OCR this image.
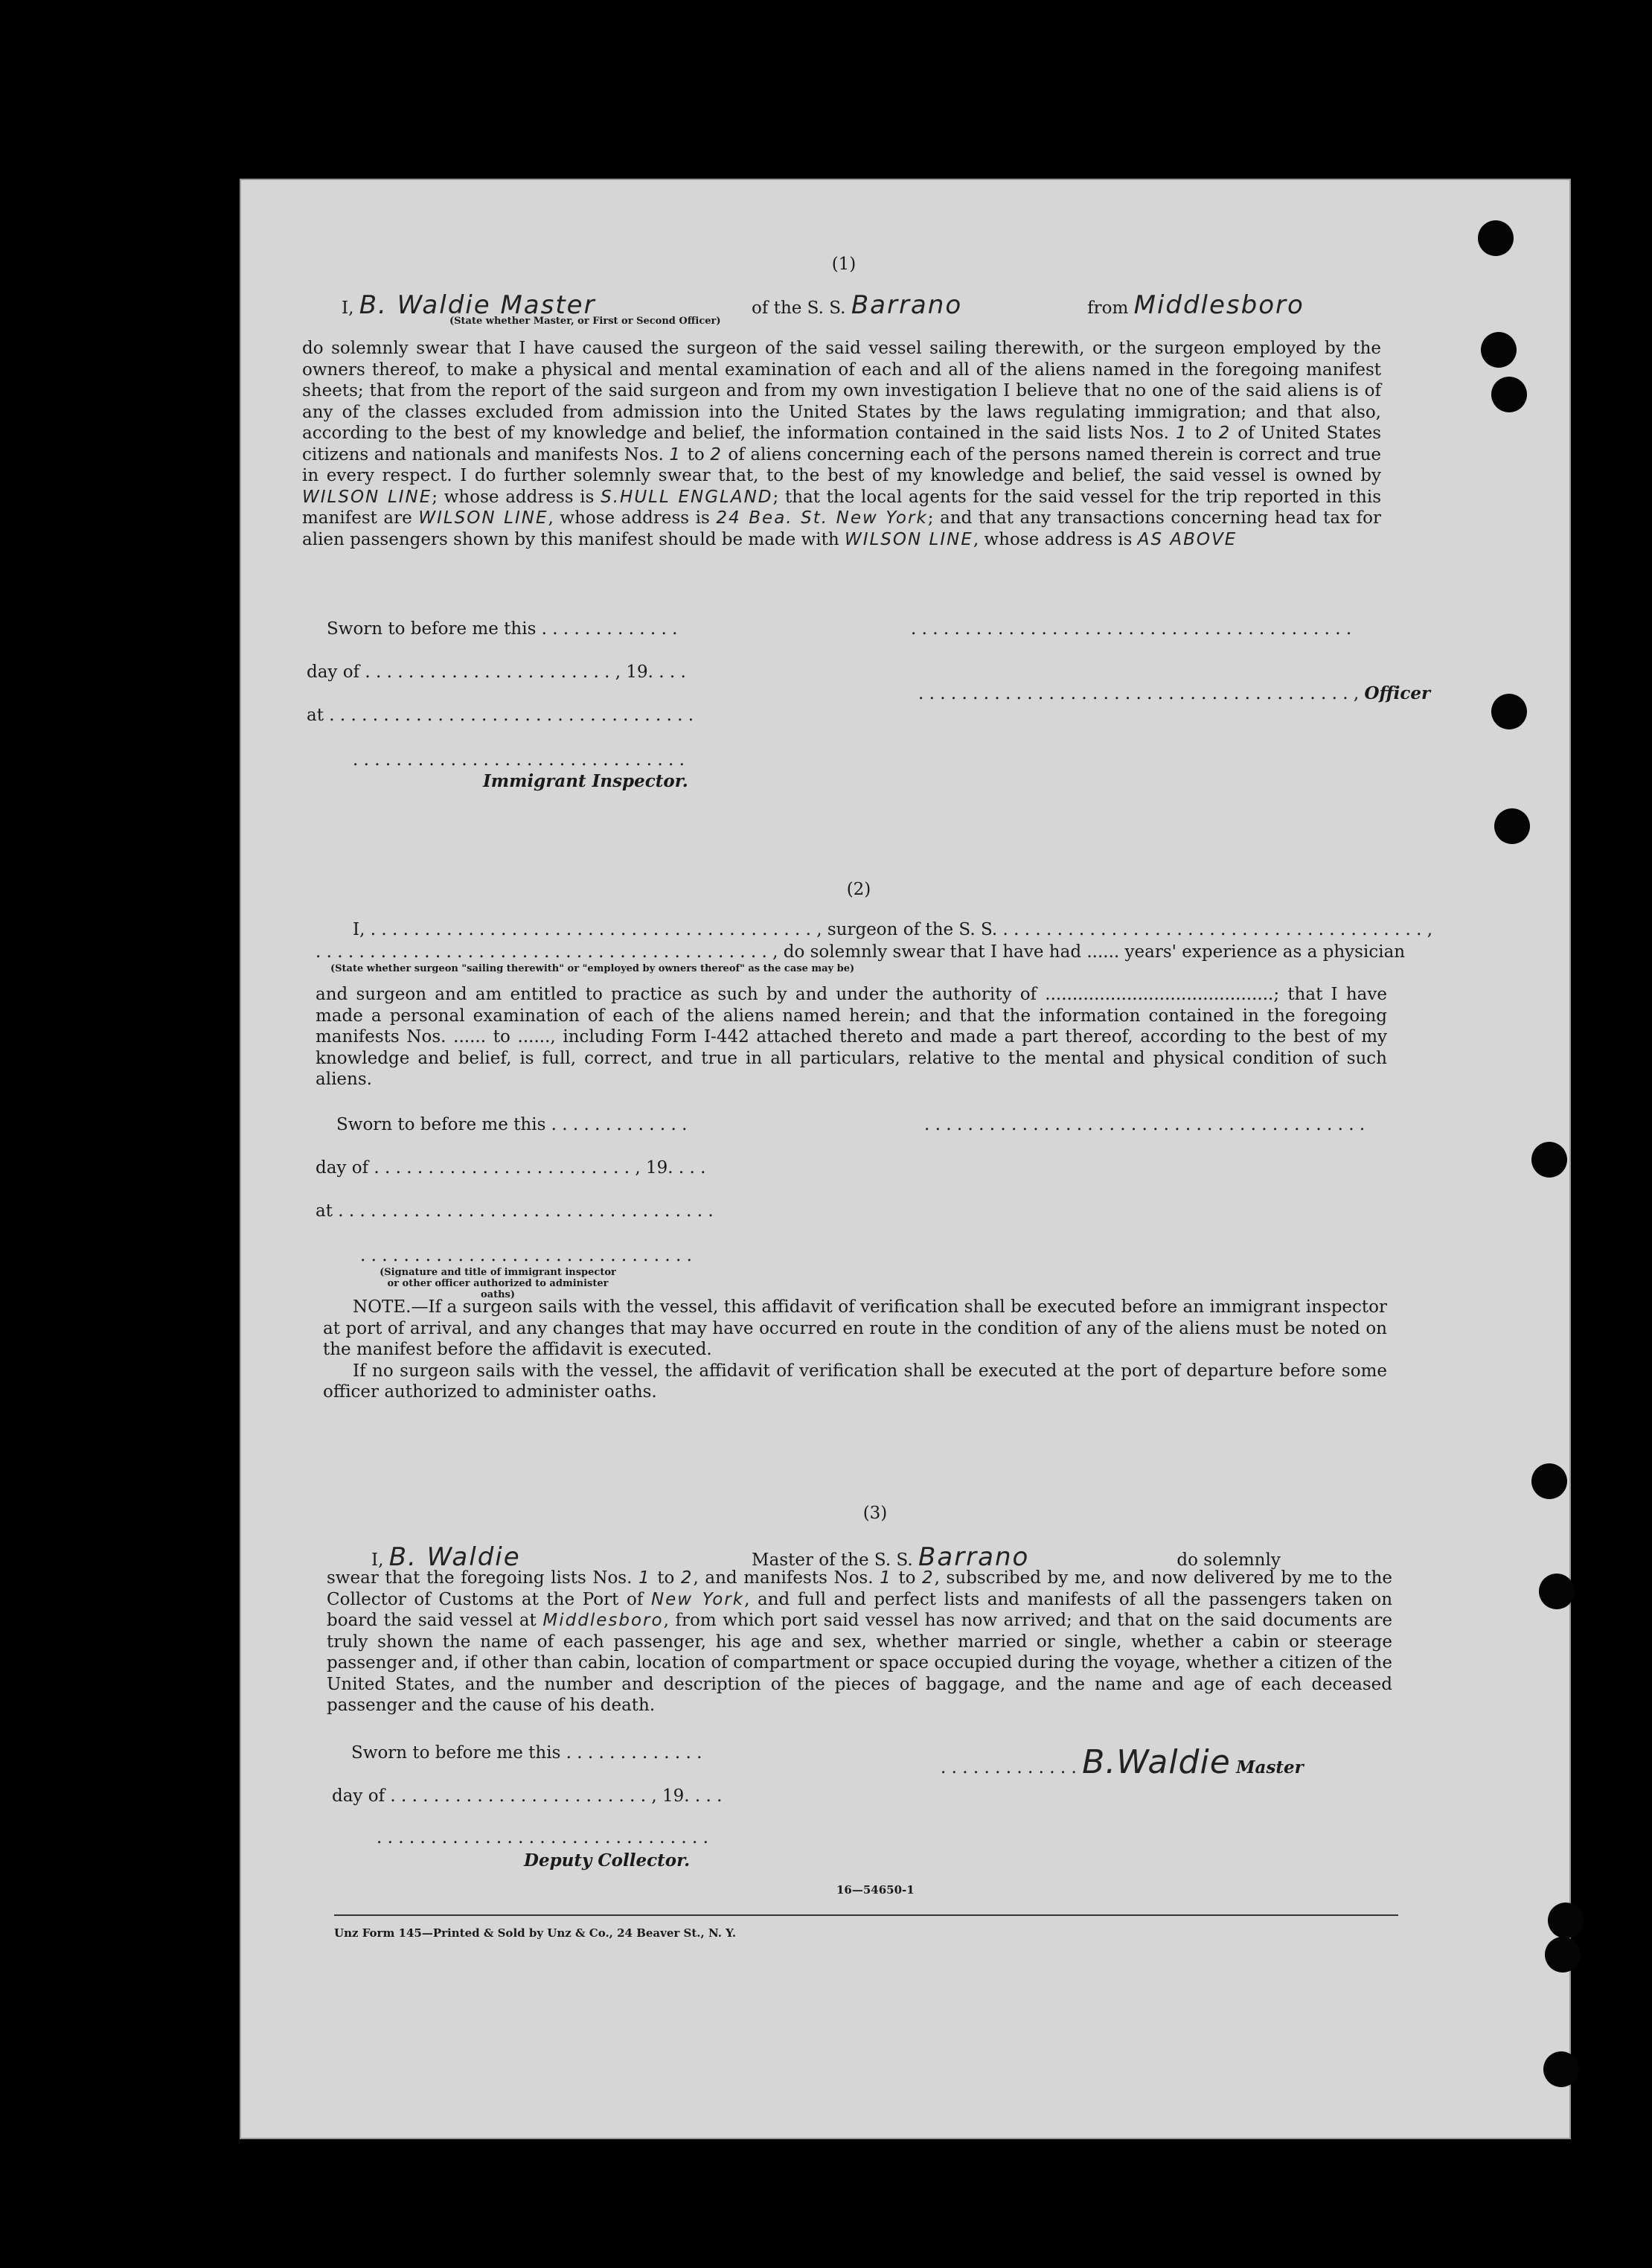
(1)
I, B. Waldie Master	of the S. S. Barrano	from Middlesboro
(State whether Master, or First or Second Officer)

do solemnly swear that I have caused the surgeon of the said vessel sailing therewith, or the surgeon employed by the owners thereof, to make a physical and mental examination of each and all of the aliens named in the foregoing manifest sheets; that from the report of the said surgeon and from my own investigation I believe that no one of the said aliens is of any of the classes excluded from admission into the United States by the laws regulating immigration; and that also, according to the best of my knowledge and belief, the information contained in the said lists Nos. 1 to 2 of United States citizens and nationals and manifests Nos. 1 to 2 of aliens concerning each of the persons named therein is correct and true in every respect. I do further solemnly swear that, to the best of my knowledge and belief, the said vessel is owned by WILSON LINE; whose address is S.HULL ENGLAND; that the local agents for the said vessel for the trip reported in this manifest are WILSON LINE, whose address is 24 Bea. St. New York; and that any transactions concerning head tax for alien passengers shown by this manifest should be made with WILSON LINE, whose address is AS ABOVE

Sworn to before me this . . . . . . . . . . . . .	. . . . . . . . . . . . . . . . . . . . . . . . . . . . . . . . . . . . . . . . .
day of . . . . . . . . . . . . . . . . . . . . . . . , 19. . . .
. . . . . . . . . . . . . . . . . . . . . . . . . . . . . . . . . . . . . . . . , Officer
at . . . . . . . . . . . . . . . . . . . . . . . . . . . . . . . . . .
. . . . . . . . . . . . . . . . . . . . . . . . . . . . . . .
Immigrant Inspector.
(2)
I, . . . . . . . . . . . . . . . . . . . . . . . . . . . . . . . . . . . . . . . . . , surgeon of the S. S. . . . . . . . . . . . . . . . . . . . . . . . . . . . . . . . . . . . . . . . ,
. . . . . . . . . . . . . . . . . . . . . . . . . . . . . . . . . . . . . . . . . . , do solemnly swear that I have had ...... years' experience as a physician
(State whether surgeon "sailing therewith" or "employed by owners thereof" as the case may be)

and surgeon and am entitled to practice as such by and under the authority of ..........................................; that I have made a personal examination of each of the aliens named herein; and that the information contained in the foregoing manifests Nos. ...... to ......, including Form I-442 attached thereto and made a part thereof, according to the best of my knowledge and belief, is full, correct, and true in all particulars, relative to the mental and physical condition of such aliens.

Sworn to before me this . . . . . . . . . . . . .	. . . . . . . . . . . . . . . . . . . . . . . . . . . . . . . . . . . . . . . . .
day of . . . . . . . . . . . . . . . . . . . . . . . . , 19. . . .
at . . . . . . . . . . . . . . . . . . . . . . . . . . . . . . . . . . .
. . . . . . . . . . . . . . . . . . . . . . . . . . . . . . .
(Signature and title of immigrant inspector or other officer authorized to administer oaths)

NOTE.—If a surgeon sails with the vessel, this affidavit of verification shall be executed before an immigrant inspector at port of arrival, and any changes that may have occurred en route in the condition of any of the aliens must be noted on the manifest before the affidavit is executed.

If no surgeon sails with the vessel, the affidavit of verification shall be executed at the port of departure before some officer authorized to administer oaths.

(3)
I, B. Waldie	Master of the S. S. Barrano	do solemnly

swear that the foregoing lists Nos. 1 to 2, and manifests Nos. 1 to 2, subscribed by me, and now delivered by me to the Collector of Customs at the Port of New York, and full and perfect lists and manifests of all the passengers taken on board the said vessel at Middlesboro, from which port said vessel has now arrived; and that on the said documents are truly shown the name of each passenger, his age and sex, whether married or single, whether a cabin or steerage passenger and, if other than cabin, location of compartment or space occupied during the voyage, whether a citizen of the United States, and the number and description of the pieces of baggage, and the name and age of each deceased passenger and the cause of his death.

Sworn to before me this . . . . . . . . . . . . .
. . . . . . . . . . . . . B.Waldie Master
day of . . . . . . . . . . . . . . . . . . . . . . . . , 19. . . .
. . . . . . . . . . . . . . . . . . . . . . . . . . . . . . .
Deputy Collector.
16—54650-1
Unz Form 145—Printed & Sold by Unz & Co., 24 Beaver St., N. Y.
